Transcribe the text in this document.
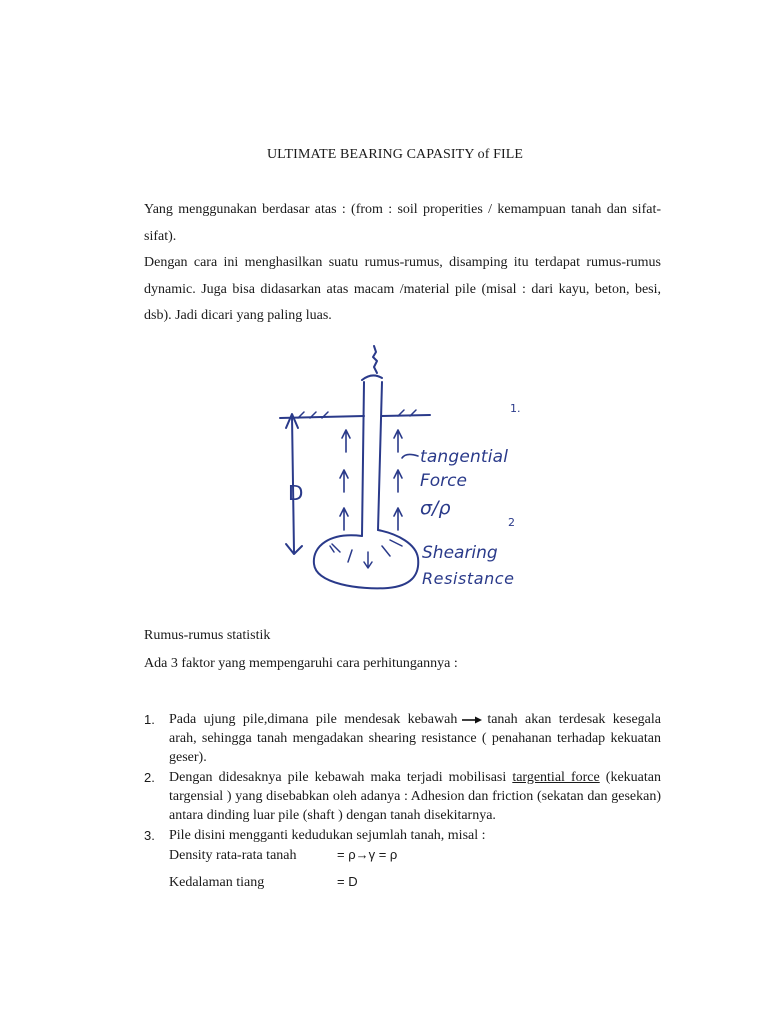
ULTIMATE BEARING CAPASITY of FILE
Yang menggunakan berdasar atas : (from : soil properities / kemampuan tanah dan sifat- sifat).
Dengan cara ini menghasilkan suatu rumus-rumus, disamping itu terdapat rumus-rumus dynamic. Juga bisa didasarkan atas macam /material pile (misal : dari kayu, beton, besi, dsb). Jadi dicari yang paling luas.
D
1.
2
tangential
Force
σ/ρ
Shearing
Resistance
Rumus-rumus statistik
Ada 3 faktor yang mempengaruhi cara perhitungannya :
1.	Pada ujung pile,dimana pile mendesak kebawah tanah akan terdesak kesegala arah, sehingga tanah mengadakan shearing resistance ( penahanan terhadap kekuatan geser).
2.	Dengan didesaknya pile kebawah maka terjadi mobilisasi targential force (kekuatan targensial ) yang disebabkan oleh adanya : Adhesion dan friction (sekatan dan gesekan) antara dinding luar pile (shaft ) dengan tanah disekitarnya.
3.	Pile disini mengganti kedudukan sejumlah tanah, misal :
Density rata-rata tanah	= ρ→γ = ρ
Kedalaman tiang	= D
